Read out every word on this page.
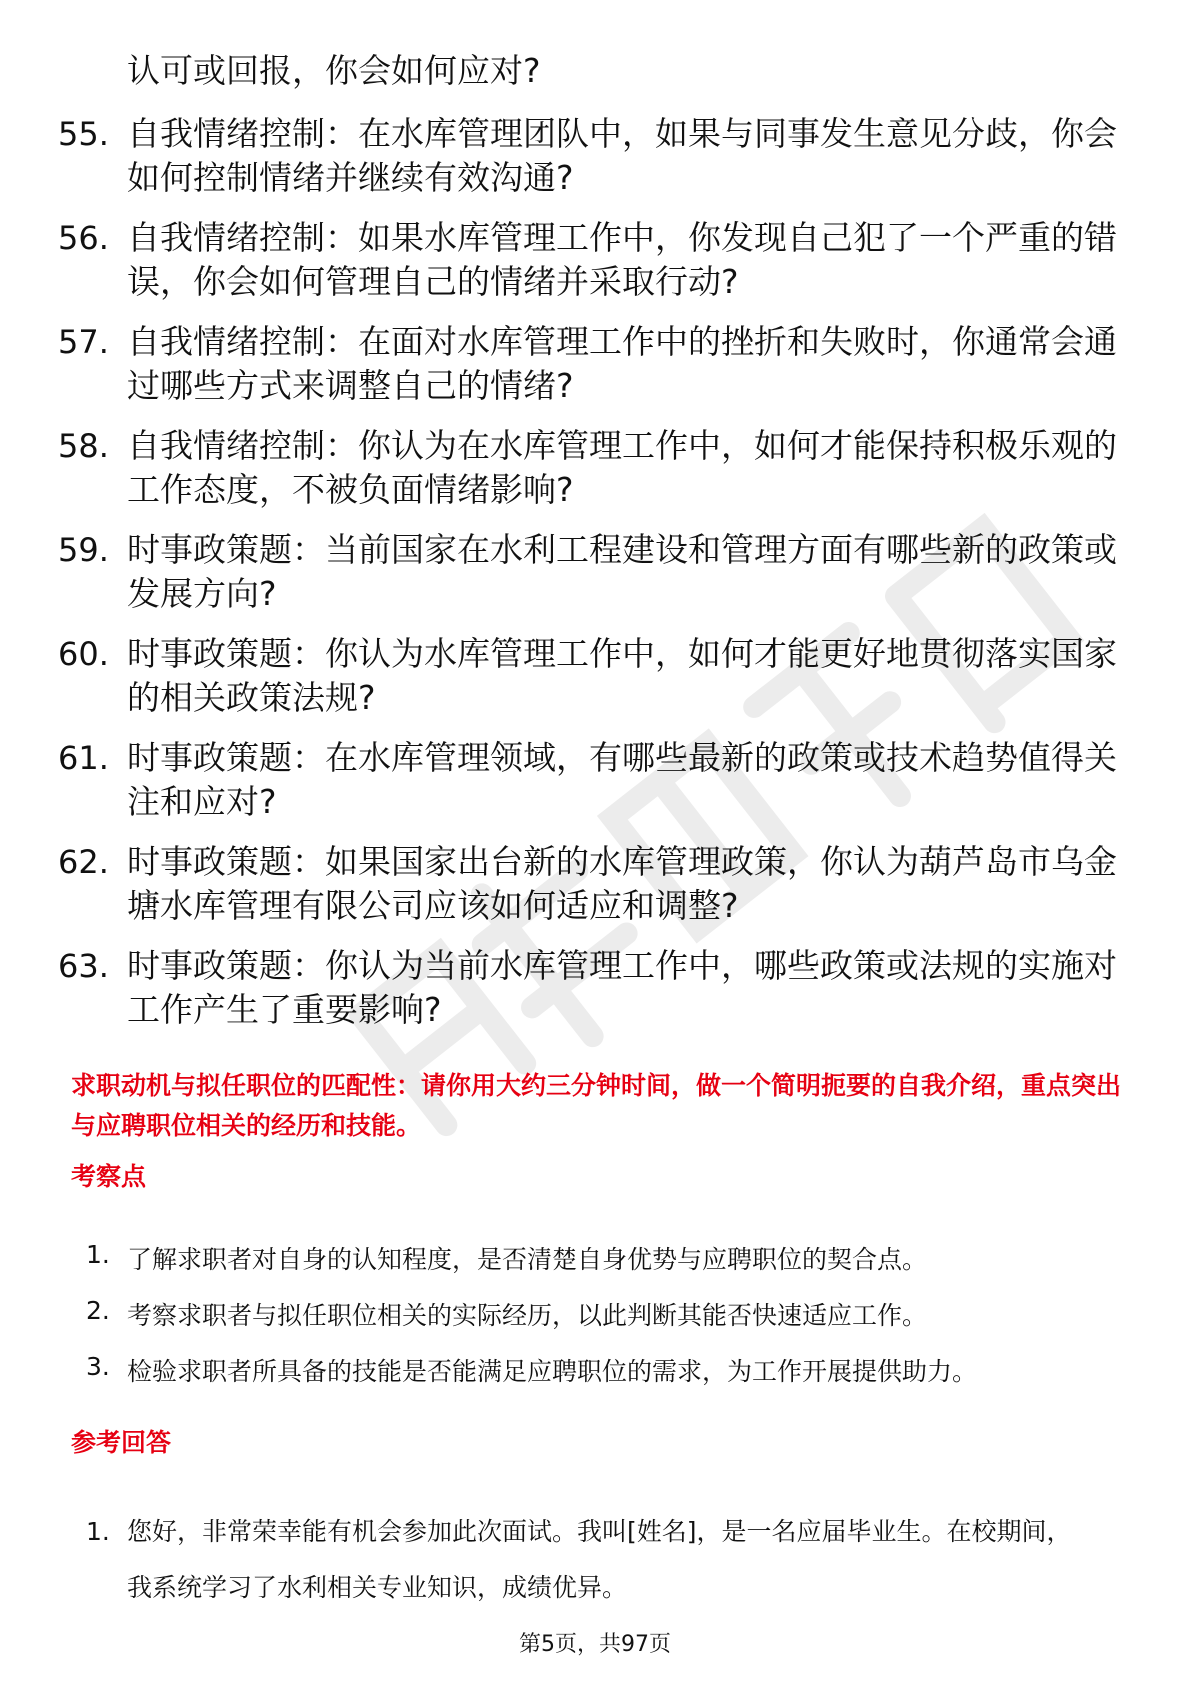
认可或回报，你会如何应对?
55. 自我情绪控制：在水库管理团队中，如果与同事发生意见分歧，你会如何控制情绪并继续有效沟通?
56. 自我情绪控制：如果水库管理工作中，你发现自己犯了一个严重的错误，你会如何管理自己的情绪并采取行动?
57. 自我情绪控制：在面对水库管理工作中的挫折和失败时，你通常会通过哪些方式来调整自己的情绪?
58. 自我情绪控制：你认为在水库管理工作中，如何才能保持积极乐观的工作态度，不被负面情绪影响?
59. 时事政策题：当前国家在水利工程建设和管理方面有哪些新的政策或发展方向?
60. 时事政策题：你认为水库管理工作中，如何才能更好地贯彻落实国家的相关政策法规?
61. 时事政策题：在水库管理领域，有哪些最新的政策或技术趋势值得关注和应对?
62. 时事政策题：如果国家出台新的水库管理政策，你认为葫芦岛市乌金塘水库管理有限公司应该如何适应和调整?
63. 时事政策题：你认为当前水库管理工作中，哪些政策或法规的实施对工作产生了重要影响?
求职动机与拟任职位的匹配性：请你用大约三分钟时间，做一个简明扼要的自我介绍，重点突出与应聘职位相关的经历和技能。
考察点
1. 了解求职者对自身的认知程度，是否清楚自身优势与应聘职位的契合点。
2. 考察求职者与拟任职位相关的实际经历，以此判断其能否快速适应工作。
3. 检验求职者所具备的技能是否能满足应聘职位的需求，为工作开展提供助力。
参考回答
1. 您好，非常荣幸能有机会参加此次面试。我叫[姓名]，是一名应届毕业生。在校期间，我系统学习了水利相关专业知识，成绩优异。
第5页，共97页
